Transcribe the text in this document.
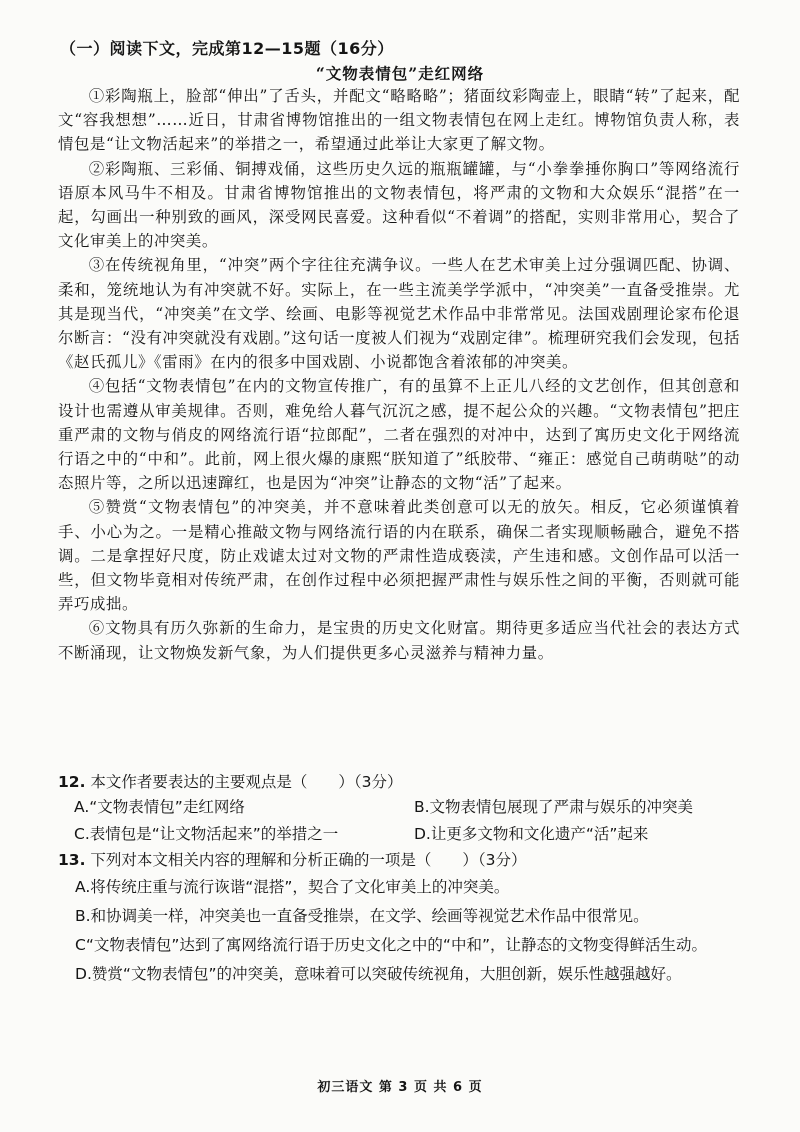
（一）阅读下文，完成第12—15题（16分）
“文物表情包”走红网络

①彩陶瓶上，脸部“伸出”了舌头，并配文“略略略”；猪面纹彩陶壶上，眼睛“转”了起来，配文“容我想想”……近日，甘肃省博物馆推出的一组文物表情包在网上走红。博物馆负责人称，表情包是“让文物活起来”的举措之一，希望通过此举让大家更了解文物。

②彩陶瓶、三彩俑、铜搏戏俑，这些历史久远的瓶瓶罐罐，与“小拳拳捶你胸口”等网络流行语原本风马牛不相及。甘肃省博物馆推出的文物表情包，将严肃的文物和大众娱乐“混搭”在一起，勾画出一种别致的画风，深受网民喜爱。这种看似“不着调”的搭配，实则非常用心，契合了文化审美上的冲突美。

③在传统视角里，“冲突”两个字往往充满争议。一些人在艺术审美上过分强调匹配、协调、柔和，笼统地认为有冲突就不好。实际上，在一些主流美学学派中，“冲突美”一直备受推崇。尤其是现当代，“冲突美”在文学、绘画、电影等视觉艺术作品中非常常见。法国戏剧理论家布伦退尔断言：“没有冲突就没有戏剧。”这句话一度被人们视为“戏剧定律”。梳理研究我们会发现，包括《赵氏孤儿》《雷雨》在内的很多中国戏剧、小说都饱含着浓郁的冲突美。

④包括“文物表情包”在内的文物宣传推广，有的虽算不上正儿八经的文艺创作，但其创意和设计也需遵从审美规律。否则，难免给人暮气沉沉之感，提不起公众的兴趣。“文物表情包”把庄重严肃的文物与俏皮的网络流行语“拉郎配”，二者在强烈的对冲中，达到了寓历史文化于网络流行语之中的“中和”。此前，网上很火爆的康熙“朕知道了”纸胶带、“雍正：感觉自己萌萌哒”的动态照片等，之所以迅速蹿红，也是因为“冲突”让静态的文物“活”了起来。

⑤赞赏“文物表情包”的冲突美，并不意味着此类创意可以无的放矢。相反，它必须谨慎着手、小心为之。一是精心推敲文物与网络流行语的内在联系，确保二者实现顺畅融合，避免不搭调。二是拿捏好尺度，防止戏谑太过对文物的严肃性造成亵渎，产生违和感。文创作品可以活一些，但文物毕竟相对传统严肃，在创作过程中必须把握严肃性与娱乐性之间的平衡，否则就可能弄巧成拙。

⑥文物具有历久弥新的生命力，是宝贵的历史文化财富。期待更多适应当代社会的表达方式不断涌现，让文物焕发新气象，为人们提供更多心灵滋养与精神力量。

12. 本文作者要表达的主要观点是（　　）（3分）
A.“文物表情包”走红网络	B.文物表情包展现了严肃与娱乐的冲突美
C.表情包是“让文物活起来”的举措之一	D.让更多文物和文化遗产“活”起来
13. 下列对本文相关内容的理解和分析正确的一项是（　　）（3分）

A.将传统庄重与流行诙谐“混搭”，契合了文化审美上的冲突美。

B.和协调美一样，冲突美也一直备受推崇，在文学、绘画等视觉艺术作品中很常见。

C“文物表情包”达到了寓网络流行语于历史文化之中的“中和”，让静态的文物变得鲜活生动。

D.赞赏“文物表情包”的冲突美，意味着可以突破传统视角，大胆创新，娱乐性越强越好。

初三语文 第 3 页 共 6 页
